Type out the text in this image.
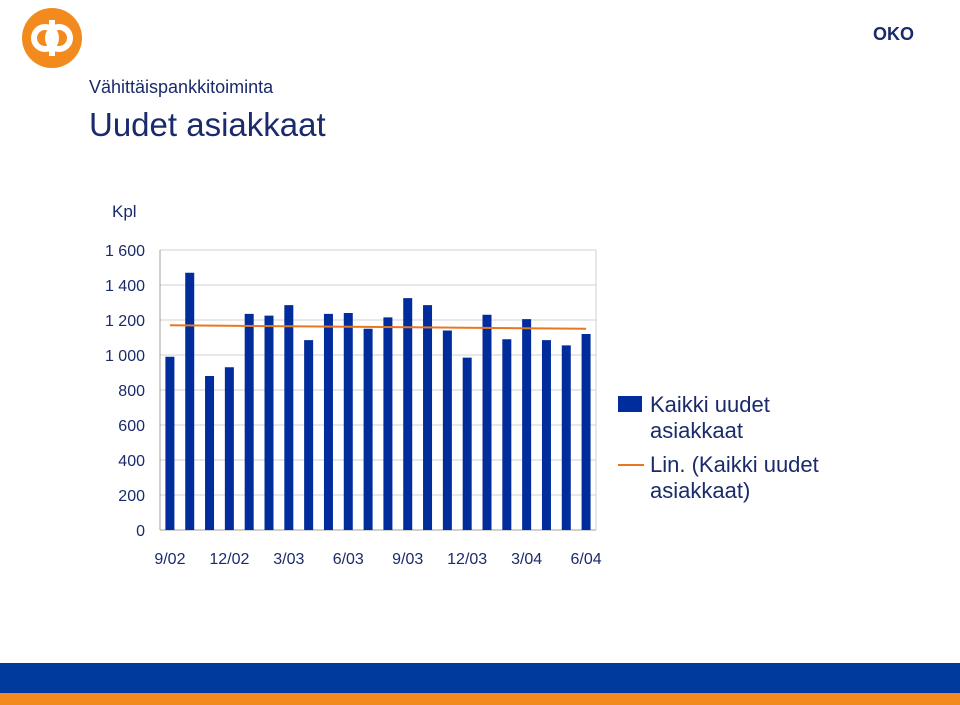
OKO
Vähittäispankkitoiminta
Uudet asiakkaat
Kpl
0
200
400
600
800
1 000
1 200
1 400
1 600
9/02 12/02 3/03 6/03 9/03 12/03 3/04 6/04
Kaikki uudet
asiakkaat
Lin. (Kaikki uudet
asiakkaat)
